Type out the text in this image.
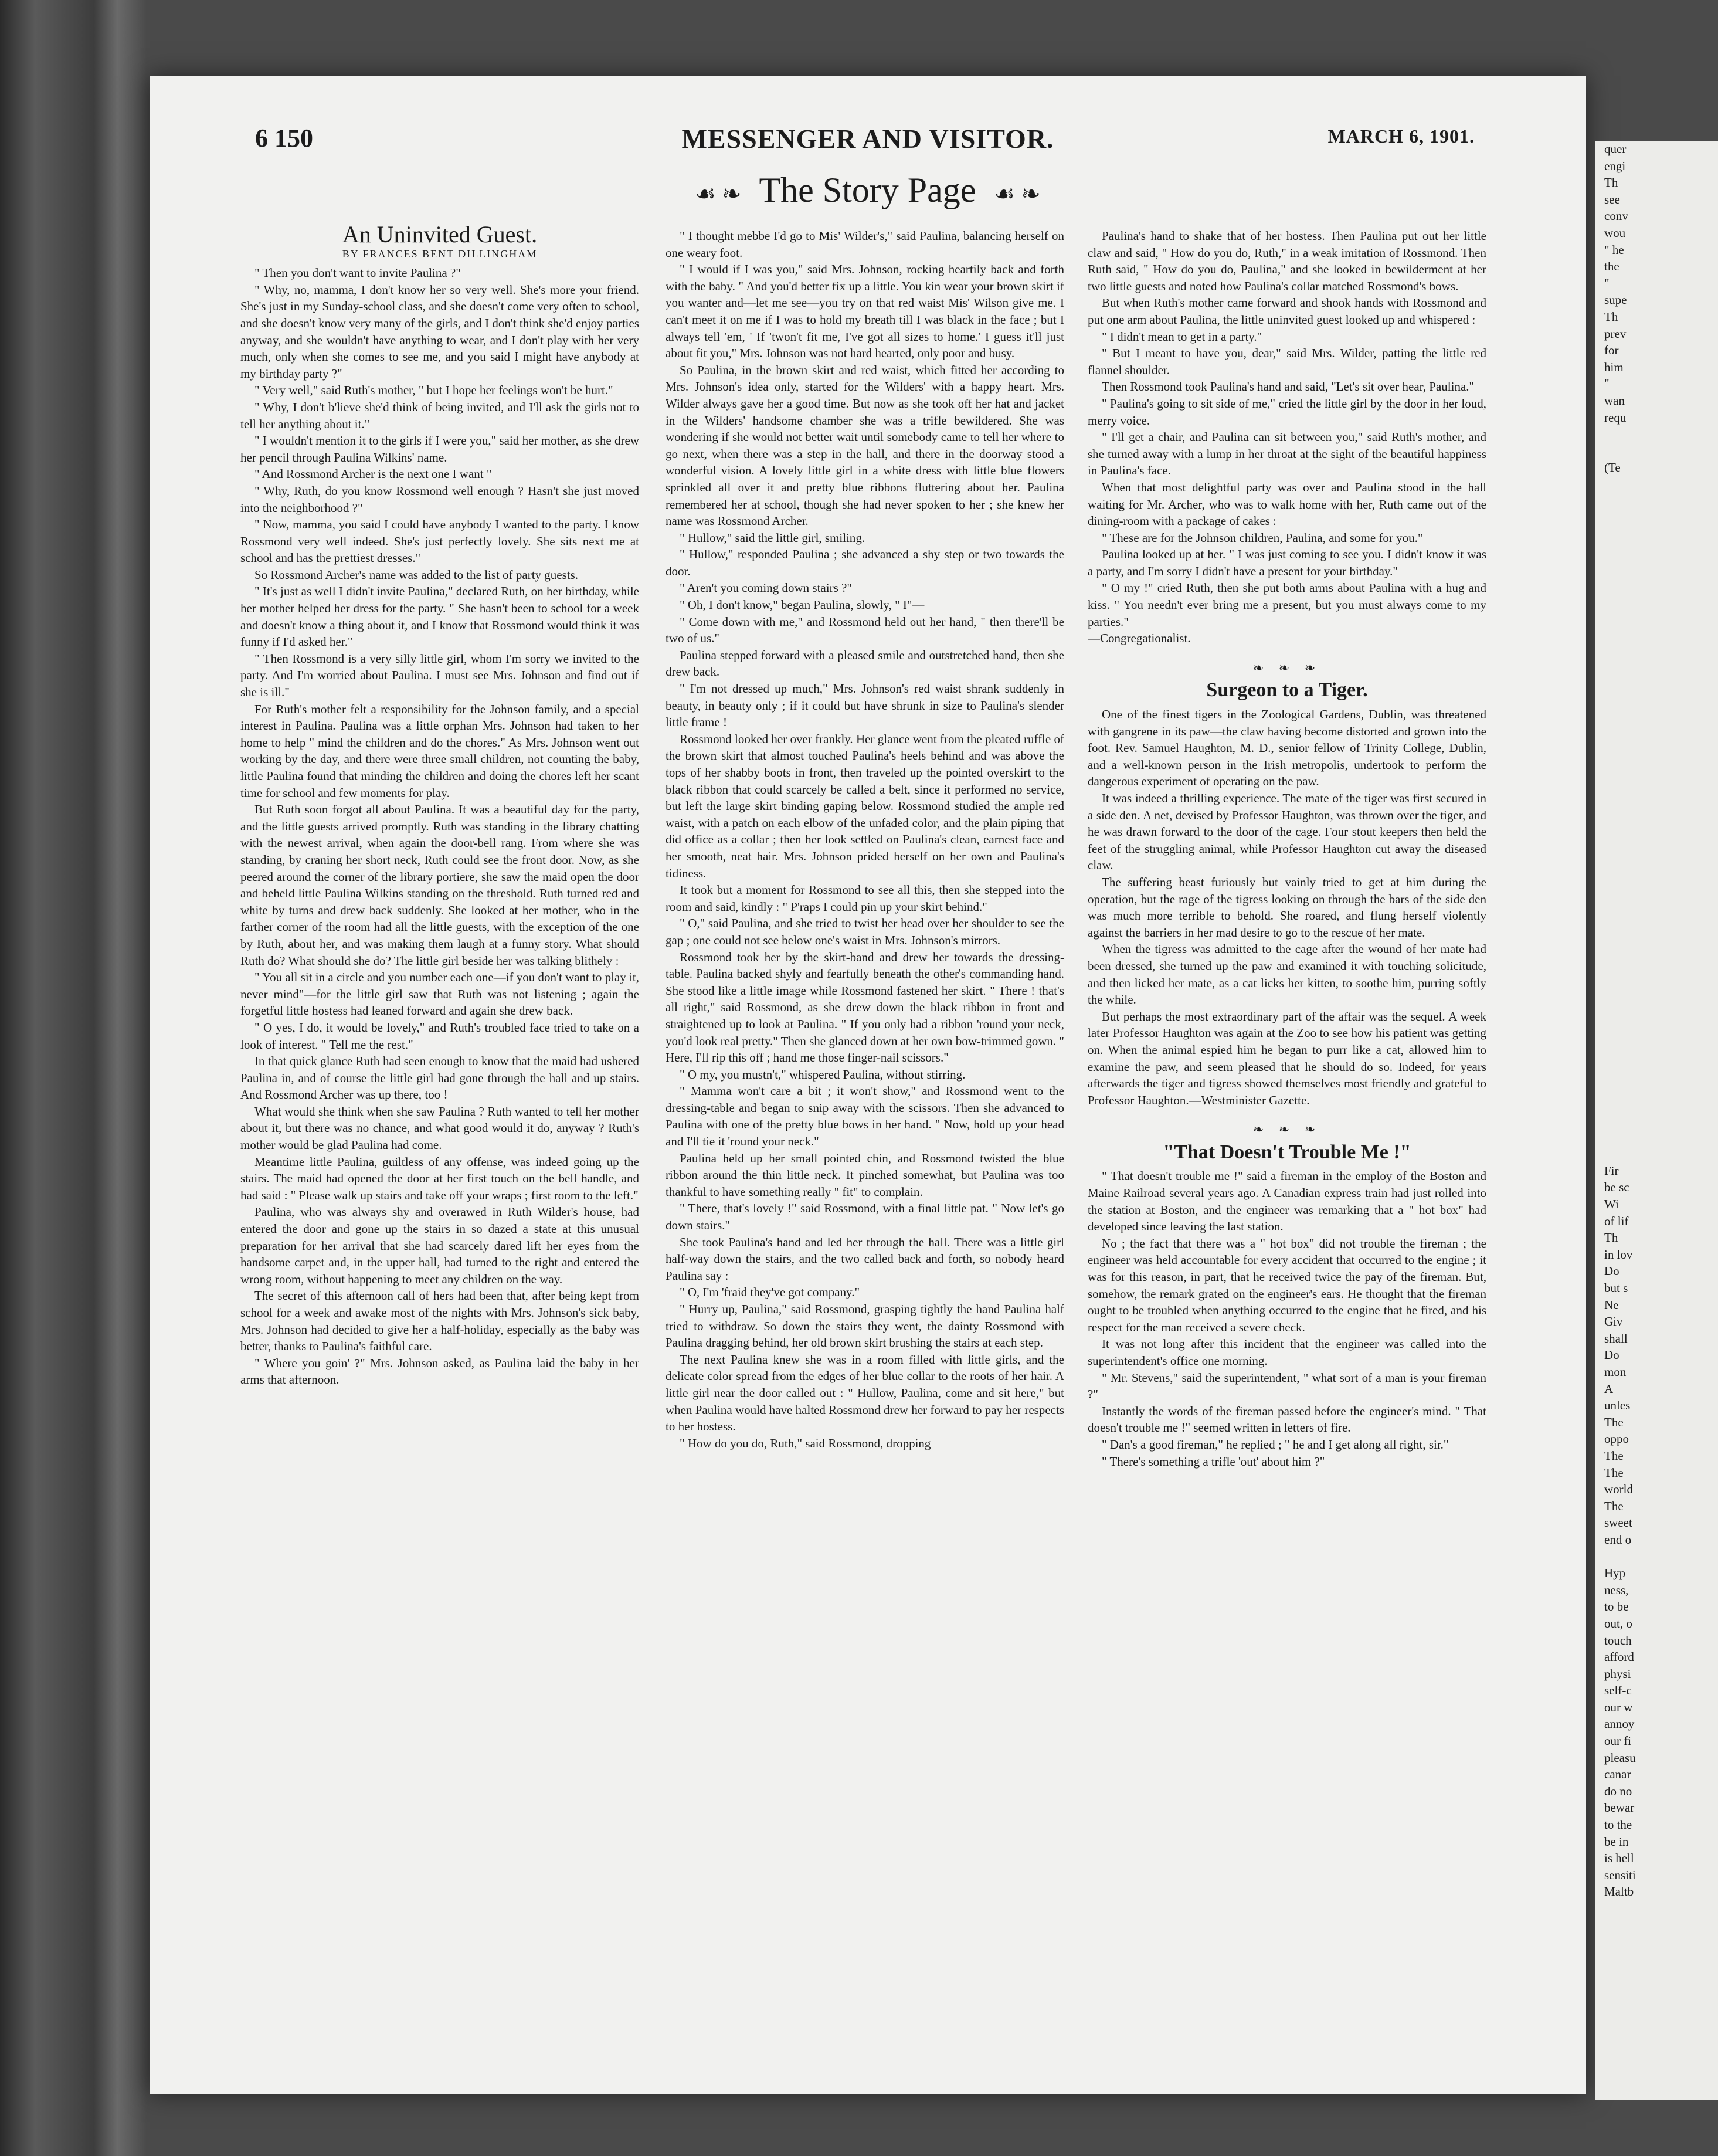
6 150	MESSENGER AND VISITOR.	MARCH 6, 1901.
☙ ❧ The Story Page ☙ ❧
An Uninvited Guest.
BY FRANCES BENT DILLINGHAM

" Then you don't want to invite Paulina ?"

" Why, no, mamma, I don't know her so very well. She's more your friend. She's just in my Sunday-school class, and she doesn't come very often to school, and she doesn't know very many of the girls, and I don't think she'd enjoy parties anyway, and she wouldn't have anything to wear, and I don't play with her very much, only when she comes to see me, and you said I might have anybody at my birthday party ?"

" Very well," said Ruth's mother, " but I hope her feelings won't be hurt."

" Why, I don't b'lieve she'd think of being invited, and I'll ask the girls not to tell her anything about it."

" I wouldn't mention it to the girls if I were you," said her mother, as she drew her pencil through Paulina Wilkins' name.

" And Rossmond Archer is the next one I want "

" Why, Ruth, do you know Rossmond well enough ? Hasn't she just moved into the neighborhood ?"

" Now, mamma, you said I could have anybody I wanted to the party. I know Rossmond very well indeed. She's just perfectly lovely. She sits next me at school and has the prettiest dresses."

So Rossmond Archer's name was added to the list of party guests.

" It's just as well I didn't invite Paulina," declared Ruth, on her birthday, while her mother helped her dress for the party. " She hasn't been to school for a week and doesn't know a thing about it, and I know that Rossmond would think it was funny if I'd asked her."

" Then Rossmond is a very silly little girl, whom I'm sorry we invited to the party. And I'm worried about Paulina. I must see Mrs. Johnson and find out if she is ill."

For Ruth's mother felt a responsibility for the Johnson family, and a special interest in Paulina. Paulina was a little orphan Mrs. Johnson had taken to her home to help " mind the children and do the chores." As Mrs. Johnson went out working by the day, and there were three small children, not counting the baby, little Paulina found that minding the children and doing the chores left her scant time for school and few moments for play.

But Ruth soon forgot all about Paulina. It was a beautiful day for the party, and the little guests arrived promptly. Ruth was standing in the library chatting with the newest arrival, when again the door-bell rang. From where she was standing, by craning her short neck, Ruth could see the front door. Now, as she peered around the corner of the library portiere, she saw the maid open the door and beheld little Paulina Wilkins standing on the threshold. Ruth turned red and white by turns and drew back suddenly. She looked at her mother, who in the farther corner of the room had all the little guests, with the exception of the one by Ruth, about her, and was making them laugh at a funny story. What should Ruth do? What should she do? The little girl beside her was talking blithely :

" You all sit in a circle and you number each one—if you don't want to play it, never mind"—for the little girl saw that Ruth was not listening ; again the forgetful little hostess had leaned forward and again she drew back.

" O yes, I do, it would be lovely," and Ruth's troubled face tried to take on a look of interest. " Tell me the rest."

In that quick glance Ruth had seen enough to know that the maid had ushered Paulina in, and of course the little girl had gone through the hall and up stairs. And Rossmond Archer was up there, too !

What would she think when she saw Paulina ? Ruth wanted to tell her mother about it, but there was no chance, and what good would it do, anyway ? Ruth's mother would be glad Paulina had come.

Meantime little Paulina, guiltless of any offense, was indeed going up the stairs. The maid had opened the door at her first touch on the bell handle, and had said : " Please walk up stairs and take off your wraps ; first room to the left."

Paulina, who was always shy and overawed in Ruth Wilder's house, had entered the door and gone up the stairs in so dazed a state at this unusual preparation for her arrival that she had scarcely dared lift her eyes from the handsome carpet and, in the upper hall, had turned to the right and entered the wrong room, without happening to meet any children on the way.

The secret of this afternoon call of hers had been that, after being kept from school for a week and awake most of the nights with Mrs. Johnson's sick baby, Mrs. Johnson had decided to give her a half-holiday, especially as the baby was better, thanks to Paulina's faithful care.

" Where you goin' ?" Mrs. Johnson asked, as Paulina laid the baby in her arms that afternoon.

" I thought mebbe I'd go to Mis' Wilder's," said Paulina, balancing herself on one weary foot.

" I would if I was you," said Mrs. Johnson, rocking heartily back and forth with the baby. " And you'd better fix up a little. You kin wear your brown skirt if you wanter and—let me see—you try on that red waist Mis' Wilson give me. I can't meet it on me if I was to hold my breath till I was black in the face ; but I always tell 'em, ' If 'twon't fit me, I've got all sizes to home.' I guess it'll just about fit you," Mrs. Johnson was not hard hearted, only poor and busy.

So Paulina, in the brown skirt and red waist, which fitted her according to Mrs. Johnson's idea only, started for the Wilders' with a happy heart. Mrs. Wilder always gave her a good time. But now as she took off her hat and jacket in the Wilders' handsome chamber she was a trifle bewildered. She was wondering if she would not better wait until somebody came to tell her where to go next, when there was a step in the hall, and there in the doorway stood a wonderful vision. A lovely little girl in a white dress with little blue flowers sprinkled all over it and pretty blue ribbons fluttering about her. Paulina remembered her at school, though she had never spoken to her ; she knew her name was Rossmond Archer.

" Hullow," said the little girl, smiling.

" Hullow," responded Paulina ; she advanced a shy step or two towards the door.

" Aren't you coming down stairs ?"

" Oh, I don't know," began Paulina, slowly, " I"—

" Come down with me," and Rossmond held out her hand, " then there'll be two of us."

Paulina stepped forward with a pleased smile and outstretched hand, then she drew back.

" I'm not dressed up much," Mrs. Johnson's red waist shrank suddenly in beauty, in beauty only ; if it could but have shrunk in size to Paulina's slender little frame !

Rossmond looked her over frankly. Her glance went from the pleated ruffle of the brown skirt that almost touched Paulina's heels behind and was above the tops of her shabby boots in front, then traveled up the pointed overskirt to the black ribbon that could scarcely be called a belt, since it performed no service, but left the large skirt binding gaping below. Rossmond studied the ample red waist, with a patch on each elbow of the unfaded color, and the plain piping that did office as a collar ; then her look settled on Paulina's clean, earnest face and her smooth, neat hair. Mrs. Johnson prided herself on her own and Paulina's tidiness.

It took but a moment for Rossmond to see all this, then she stepped into the room and said, kindly : " P'raps I could pin up your skirt behind."

" O," said Paulina, and she tried to twist her head over her shoulder to see the gap ; one could not see below one's waist in Mrs. Johnson's mirrors.

Rossmond took her by the skirt-band and drew her towards the dressing-table. Paulina backed shyly and fearfully beneath the other's commanding hand. She stood like a little image while Rossmond fastened her skirt. " There ! that's all right," said Rossmond, as she drew down the black ribbon in front and straightened up to look at Paulina. " If you only had a ribbon 'round your neck, you'd look real pretty." Then she glanced down at her own bow-trimmed gown. " Here, I'll rip this off ; hand me those finger-nail scissors."

" O my, you mustn't," whispered Paulina, without stirring.

" Mamma won't care a bit ; it won't show," and Rossmond went to the dressing-table and began to snip away with the scissors. Then she advanced to Paulina with one of the pretty blue bows in her hand. " Now, hold up your head and I'll tie it 'round your neck."

Paulina held up her small pointed chin, and Rossmond twisted the blue ribbon around the thin little neck. It pinched somewhat, but Paulina was too thankful to have something really " fit" to complain.

" There, that's lovely !" said Rossmond, with a final little pat. " Now let's go down stairs."

She took Paulina's hand and led her through the hall. There was a little girl half-way down the stairs, and the two called back and forth, so nobody heard Paulina say :

" O, I'm 'fraid they've got company."

" Hurry up, Paulina," said Rossmond, grasping tightly the hand Paulina half tried to withdraw. So down the stairs they went, the dainty Rossmond with Paulina dragging behind, her old brown skirt brushing the stairs at each step.

The next Paulina knew she was in a room filled with little girls, and the delicate color spread from the edges of her blue collar to the roots of her hair. A little girl near the door called out : " Hullow, Paulina, come and sit here," but when Paulina would have halted Rossmond drew her forward to pay her respects to her hostess.

" How do you do, Ruth," said Rossmond, dropping

Paulina's hand to shake that of her hostess. Then Paulina put out her little claw and said, " How do you do, Ruth," in a weak imitation of Rossmond. Then Ruth said, " How do you do, Paulina," and she looked in bewilderment at her two little guests and noted how Paulina's collar matched Rossmond's bows.

But when Ruth's mother came forward and shook hands with Rossmond and put one arm about Paulina, the little uninvited guest looked up and whispered :

" I didn't mean to get in a party."

" But I meant to have you, dear," said Mrs. Wilder, patting the little red flannel shoulder.

Then Rossmond took Paulina's hand and said, "Let's sit over hear, Paulina."

" Paulina's going to sit side of me," cried the little girl by the door in her loud, merry voice.

" I'll get a chair, and Paulina can sit between you," said Ruth's mother, and she turned away with a lump in her throat at the sight of the beautiful happiness in Paulina's face.

When that most delightful party was over and Paulina stood in the hall waiting for Mr. Archer, who was to walk home with her, Ruth came out of the dining-room with a package of cakes :

" These are for the Johnson children, Paulina, and some for you."

Paulina looked up at her. " I was just coming to see you. I didn't know it was a party, and I'm sorry I didn't have a present for your birthday."

" O my !" cried Ruth, then she put both arms about Paulina with a hug and kiss. " You needn't ever bring me a present, but you must always come to my parties."

—Congregationalist.

❧ ❧ ❧
Surgeon to a Tiger.

One of the finest tigers in the Zoological Gardens, Dublin, was threatened with gangrene in its paw—the claw having become distorted and grown into the foot. Rev. Samuel Haughton, M. D., senior fellow of Trinity College, Dublin, and a well-known person in the Irish metropolis, undertook to perform the dangerous experiment of operating on the paw.

It was indeed a thrilling experience. The mate of the tiger was first secured in a side den. A net, devised by Professor Haughton, was thrown over the tiger, and he was drawn forward to the door of the cage. Four stout keepers then held the feet of the struggling animal, while Professor Haughton cut away the diseased claw.

The suffering beast furiously but vainly tried to get at him during the operation, but the rage of the tigress looking on through the bars of the side den was much more terrible to behold. She roared, and flung herself violently against the barriers in her mad desire to go to the rescue of her mate.

When the tigress was admitted to the cage after the wound of her mate had been dressed, she turned up the paw and examined it with touching solicitude, and then licked her mate, as a cat licks her kitten, to soothe him, purring softly the while.

But perhaps the most extraordinary part of the affair was the sequel. A week later Professor Haughton was again at the Zoo to see how his patient was getting on. When the animal espied him he began to purr like a cat, allowed him to examine the paw, and seem pleased that he should do so. Indeed, for years afterwards the tiger and tigress showed themselves most friendly and grateful to Professor Haughton.—Westminister Gazette.

❧ ❧ ❧
"That Doesn't Trouble Me !"

" That doesn't trouble me !" said a fireman in the employ of the Boston and Maine Railroad several years ago. A Canadian express train had just rolled into the station at Boston, and the engineer was remarking that a " hot box" had developed since leaving the last station.

No ; the fact that there was a " hot box" did not trouble the fireman ; the engineer was held accountable for every accident that occurred to the engine ; it was for this reason, in part, that he received twice the pay of the fireman. But, somehow, the remark grated on the engineer's ears. He thought that the fireman ought to be troubled when anything occurred to the engine that he fired, and his respect for the man received a severe check.

It was not long after this incident that the engineer was called into the superintendent's office one morning.

" Mr. Stevens," said the superintendent, " what sort of a man is your fireman ?"

Instantly the words of the fireman passed before the engineer's mind. " That doesn't trouble me !" seemed written in letters of fire.

" Dan's a good fireman," he replied ; " he and I get along all right, sir."

" There's something a trifle 'out' about him ?"

quer
engi
Th
see
conv
wou
" he
the
"
supe
Th
prev
for
him
"
wan
requ
(Te
Fir
be sc
Wi
of lif
Th
in lov
Do
but s
Ne
Giv
shall
Do
mon
A
unles
The
oppo
The
The
world
The
sweet
end o
Hyp
ness,
to be
out, o
touch
afford
physi
self-c
our w
annoy
our fi
pleasu
canar
do no
bewar
to the
be in
is hell
sensiti
Maltb
